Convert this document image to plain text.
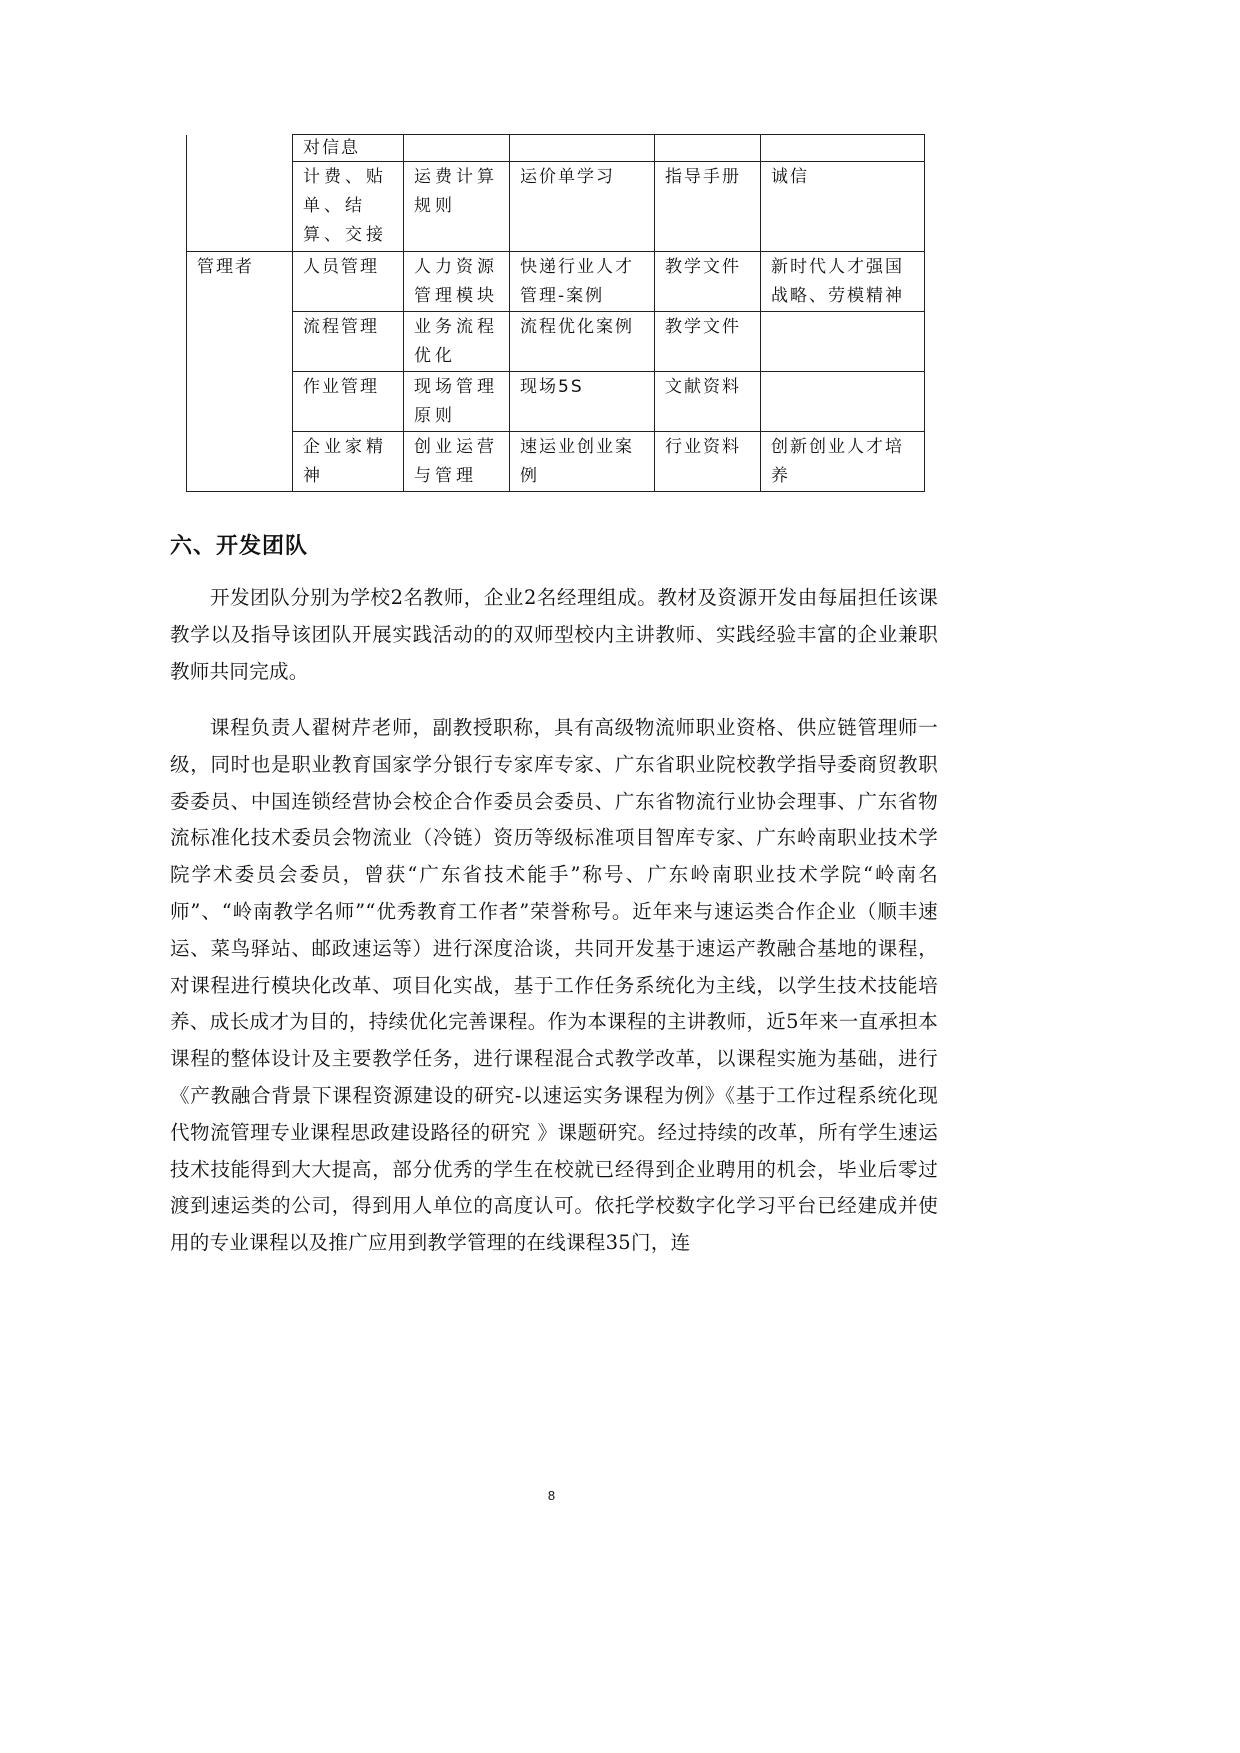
	对信息				
	计费、贴单、结算、交接	运费计算规则	运价单学习	指导手册	诚信
管理者	人员管理	人力资源管理模块	快递行业人才管理-案例	教学文件	新时代人才强国战略、劳模精神
	流程管理	业务流程优化	流程优化案例	教学文件	
	作业管理	现场管理原则	现场5S	文献资料	
	企业家精神	创业运营与管理	速运业创业案例	行业资料	创新创业人才培养
六、开发团队

开发团队分别为学校2名教师，企业2名经理组成。教材及资源开发由每届担任该课教学以及指导该团队开展实践活动的的双师型校内主讲教师、实践经验丰富的企业兼职教师共同完成。

课程负责人翟树芹老师，副教授职称，具有高级物流师职业资格、供应链管理师一级，同时也是职业教育国家学分银行专家库专家、广东省职业院校教学指导委商贸教职委委员、中国连锁经营协会校企合作委员会委员、广东省物流行业协会理事、广东省物流标准化技术委员会物流业（冷链）资历等级标准项目智库专家、广东岭南职业技术学院学术委员会委员，曾获“广东省技术能手”称号、广东岭南职业技术学院“岭南名师”、“岭南教学名师”“优秀教育工作者”荣誉称号。近年来与速运类合作企业（顺丰速运、菜鸟驿站、邮政速运等）进行深度洽谈，共同开发基于速运产教融合基地的课程，对课程进行模块化改革、项目化实战，基于工作任务系统化为主线，以学生技术技能培养、成长成才为目的，持续优化完善课程。作为本课程的主讲教师，近5年来一直承担本课程的整体设计及主要教学任务，进行课程混合式教学改革，以课程实施为基础，进行《产教融合背景下课程资源建设的研究-以速运实务课程为例》《基于工作过程系统化现代物流管理专业课程思政建设路径的研究 》课题研究。经过持续的改革，所有学生速运技术技能得到大大提高，部分优秀的学生在校就已经得到企业聘用的机会，毕业后零过渡到速运类的公司，得到用人单位的高度认可。依托学校数字化学习平台已经建成并使用的专业课程以及推广应用到教学管理的在线课程35门，连

8
